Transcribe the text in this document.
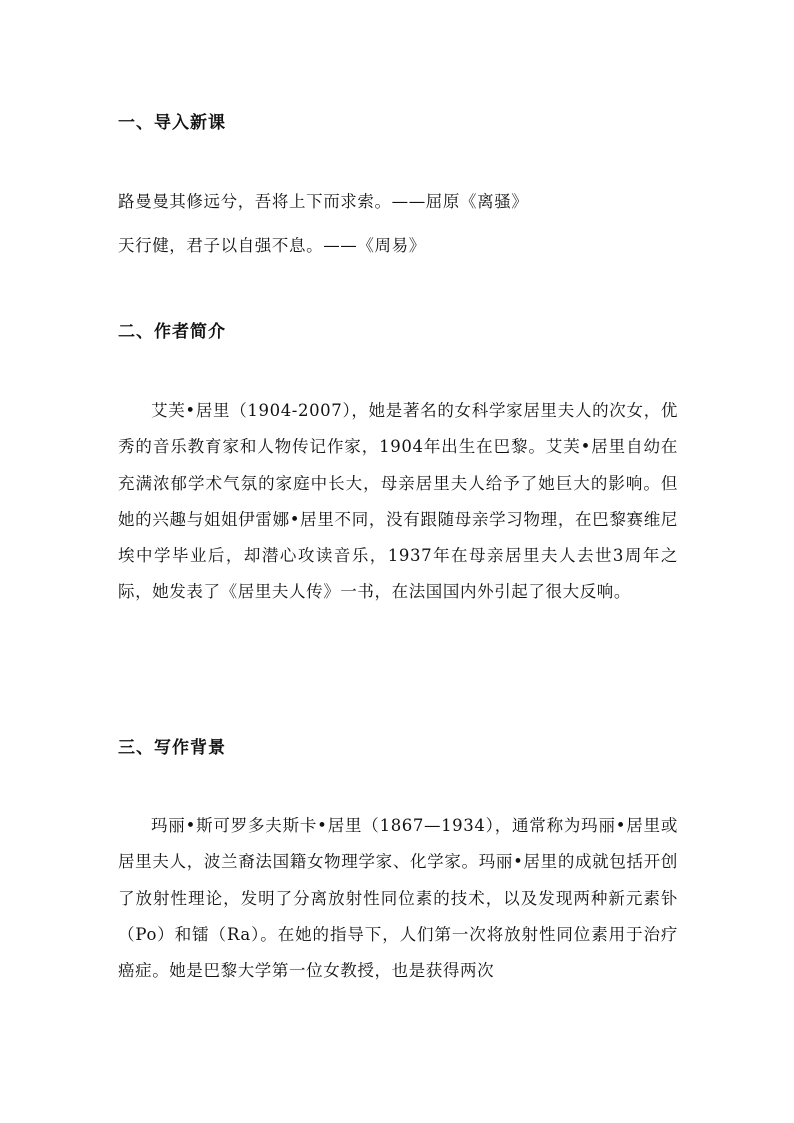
一、导入新课
路曼曼其修远兮，吾将上下而求索。——屈原《离骚》
天行健，君子以自强不息。——《周易》
二、作者简介
艾芙•居里（1904-2007），她是著名的女科学家居里夫人的次女，优秀的音乐教育家和人物传记作家，1904年出生在巴黎。艾芙•居里自幼在充满浓郁学术气氛的家庭中长大，母亲居里夫人给予了她巨大的影响。但她的兴趣与姐姐伊雷娜•居里不同，没有跟随母亲学习物理，在巴黎赛维尼埃中学毕业后，却潜心攻读音乐，1937年在母亲居里夫人去世3周年之际，她发表了《居里夫人传》一书，在法国国内外引起了很大反响。
三、写作背景
玛丽•斯可罗多夫斯卡•居里（1867—1934），通常称为玛丽•居里或居里夫人，波兰裔法国籍女物理学家、化学家。玛丽•居里的成就包括开创了放射性理论，发明了分离放射性同位素的技术，以及发现两种新元素钋（Po）和镭（Ra）。在她的指导下，人们第一次将放射性同位素用于治疗癌症。她是巴黎大学第一位女教授，也是获得两次
